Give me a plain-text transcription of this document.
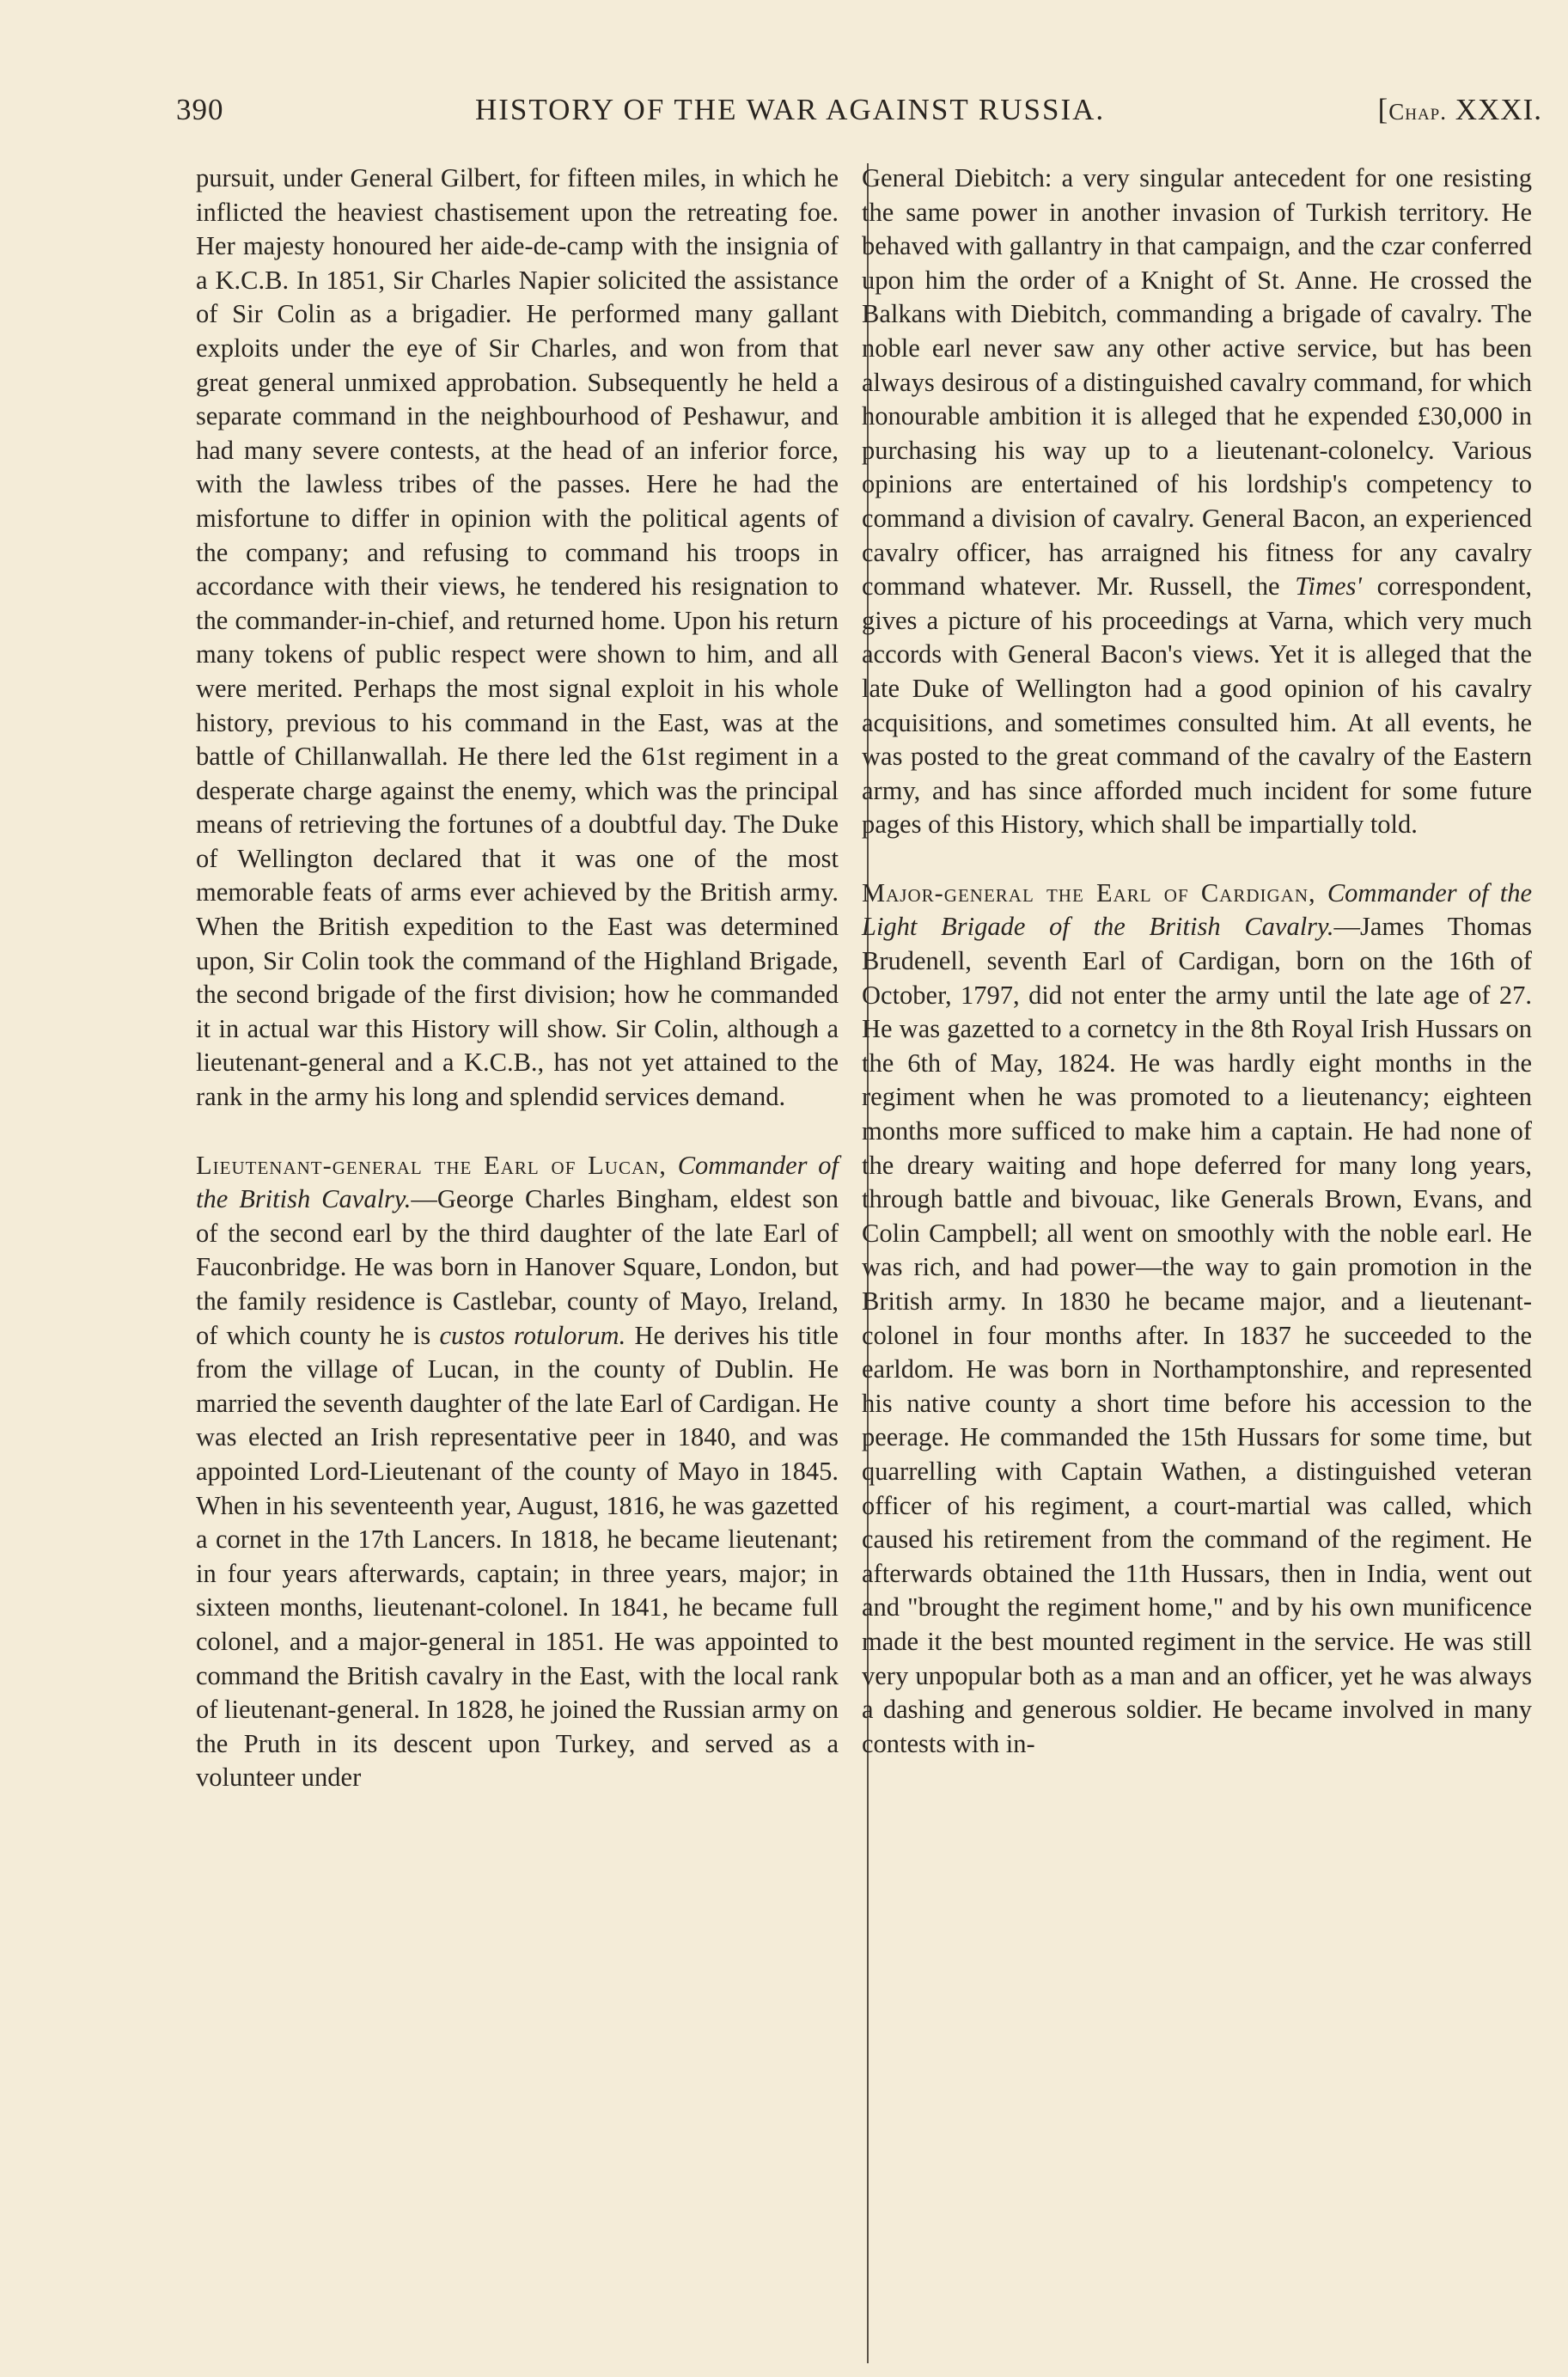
390	HISTORY OF THE WAR AGAINST RUSSIA.	[Chap. XXXI.

pursuit, under General Gilbert, for fifteen miles, in which he inflicted the heaviest chastisement upon the retreating foe. Her majesty honoured her aide-de-camp with the insignia of a K.C.B. In 1851, Sir Charles Napier solicited the assistance of Sir Colin as a brigadier. He performed many gallant exploits under the eye of Sir Charles, and won from that great general unmixed approbation. Subsequently he held a separate command in the neighbourhood of Peshawur, and had many severe contests, at the head of an inferior force, with the lawless tribes of the passes. Here he had the misfortune to differ in opinion with the political agents of the company; and refusing to command his troops in accordance with their views, he tendered his resignation to the commander-in-chief, and returned home. Upon his return many tokens of public respect were shown to him, and all were merited. Perhaps the most signal exploit in his whole history, previous to his command in the East, was at the battle of Chillanwallah. He there led the 61st regiment in a desperate charge against the enemy, which was the principal means of retrieving the fortunes of a doubtful day. The Duke of Wellington declared that it was one of the most memorable feats of arms ever achieved by the British army. When the British expedition to the East was determined upon, Sir Colin took the command of the Highland Brigade, the second brigade of the first division; how he commanded it in actual war this History will show. Sir Colin, although a lieutenant-general and a K.C.B., has not yet attained to the rank in the army his long and splendid services demand.

Lieutenant-general the Earl of Lucan, Commander of the British Cavalry.—George Charles Bingham, eldest son of the second earl by the third daughter of the late Earl of Fauconbridge. He was born in Hanover Square, London, but the family residence is Castlebar, county of Mayo, Ireland, of which county he is custos rotulorum. He derives his title from the village of Lucan, in the county of Dublin. He married the seventh daughter of the late Earl of Cardigan. He was elected an Irish representative peer in 1840, and was appointed Lord-Lieutenant of the county of Mayo in 1845. When in his seventeenth year, August, 1816, he was gazetted a cornet in the 17th Lancers. In 1818, he became lieutenant; in four years afterwards, captain; in three years, major; in sixteen months, lieutenant-colonel. In 1841, he became full colonel, and a major-general in 1851. He was appointed to command the British cavalry in the East, with the local rank of lieutenant-general. In 1828, he joined the Russian army on the Pruth in its descent upon Turkey, and served as a volunteer under

General Diebitch: a very singular antecedent for one resisting the same power in another invasion of Turkish territory. He behaved with gallantry in that campaign, and the czar conferred upon him the order of a Knight of St. Anne. He crossed the Balkans with Diebitch, commanding a brigade of cavalry. The noble earl never saw any other active service, but has been always desirous of a distinguished cavalry command, for which honourable ambition it is alleged that he expended £30,000 in purchasing his way up to a lieutenant-colonelcy. Various opinions are entertained of his lordship's competency to command a division of cavalry. General Bacon, an experienced cavalry officer, has arraigned his fitness for any cavalry command whatever. Mr. Russell, the Times' correspondent, gives a picture of his proceedings at Varna, which very much accords with General Bacon's views. Yet it is alleged that the late Duke of Wellington had a good opinion of his cavalry acquisitions, and sometimes consulted him. At all events, he was posted to the great command of the cavalry of the Eastern army, and has since afforded much incident for some future pages of this History, which shall be impartially told.

Major-general the Earl of Cardigan, Commander of the Light Brigade of the British Cavalry.—James Thomas Brudenell, seventh Earl of Cardigan, born on the 16th of October, 1797, did not enter the army until the late age of 27. He was gazetted to a cornetcy in the 8th Royal Irish Hussars on the 6th of May, 1824. He was hardly eight months in the regiment when he was promoted to a lieutenancy; eighteen months more sufficed to make him a captain. He had none of the dreary waiting and hope deferred for many long years, through battle and bivouac, like Generals Brown, Evans, and Colin Campbell; all went on smoothly with the noble earl. He was rich, and had power—the way to gain promotion in the British army. In 1830 he became major, and a lieutenant-colonel in four months after. In 1837 he succeeded to the earldom. He was born in Northamptonshire, and represented his native county a short time before his accession to the peerage. He commanded the 15th Hussars for some time, but quarrelling with Captain Wathen, a distinguished veteran officer of his regiment, a court-martial was called, which caused his retirement from the command of the regiment. He afterwards obtained the 11th Hussars, then in India, went out and "brought the regiment home," and by his own munificence made it the best mounted regiment in the service. He was still very unpopular both as a man and an officer, yet he was always a dashing and generous soldier. He became involved in many contests with in-
